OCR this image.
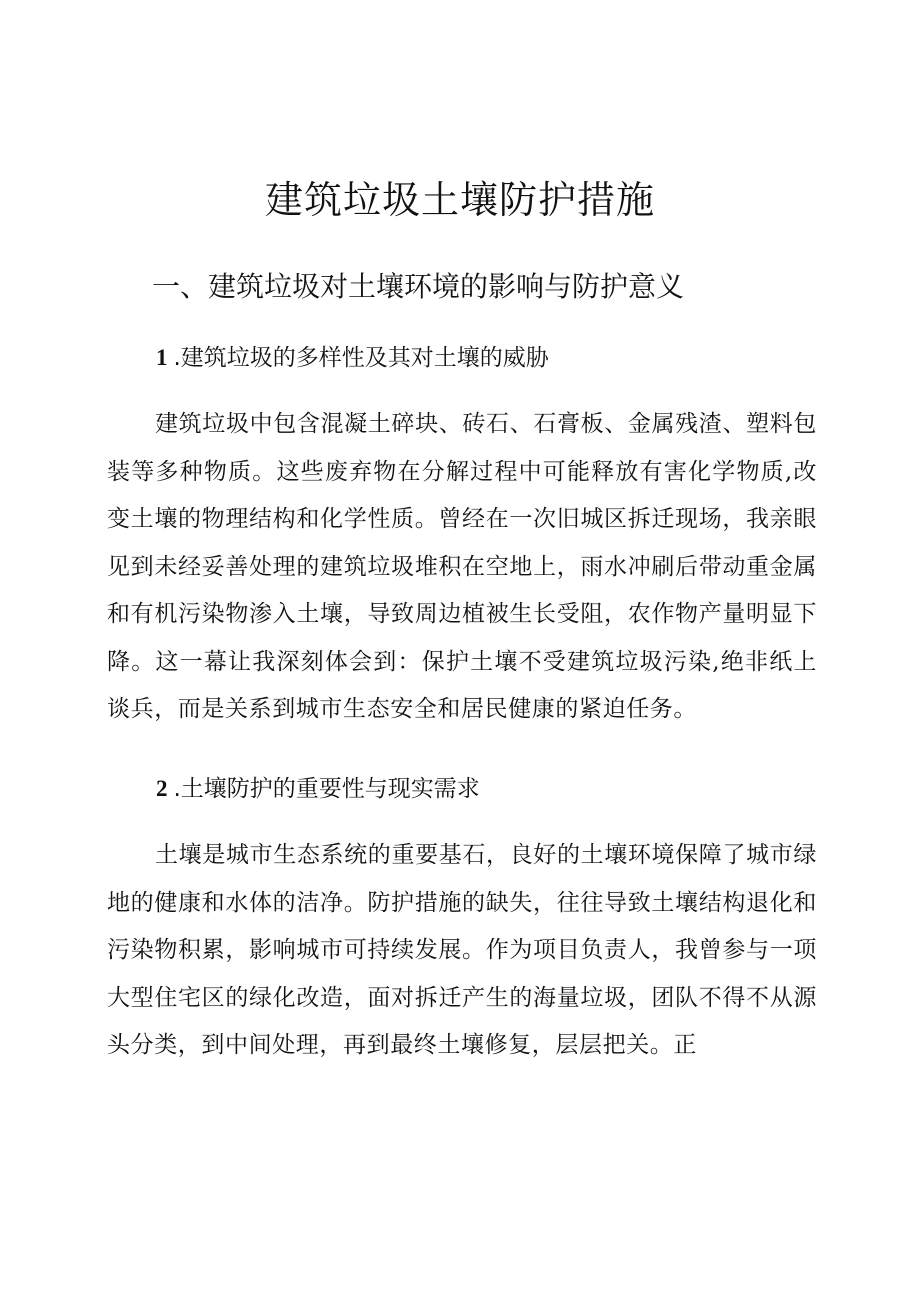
建筑垃圾土壤防护措施
一、建筑垃圾对土壤环境的影响与防护意义
1 .建筑垃圾的多样性及其对土壤的威胁

建筑垃圾中包含混凝土碎块、砖石、石膏板、金属残渣、塑料包装等多种物质。这些废弃物在分解过程中可能释放有害化学物质,改变土壤的物理结构和化学性质。曾经在一次旧城区拆迁现场，我亲眼见到未经妥善处理的建筑垃圾堆积在空地上，雨水冲刷后带动重金属和有机污染物渗入土壤，导致周边植被生长受阻，农作物产量明显下降。这一幕让我深刻体会到：保护土壤不受建筑垃圾污染,绝非纸上谈兵，而是关系到城市生态安全和居民健康的紧迫任务。

2 .土壤防护的重要性与现实需求

土壤是城市生态系统的重要基石，良好的土壤环境保障了城市绿地的健康和水体的洁净。防护措施的缺失，往往导致土壤结构退化和污染物积累，影响城市可持续发展。作为项目负责人，我曾参与一项大型住宅区的绿化改造，面对拆迁产生的海量垃圾，团队不得不从源头分类，到中间处理，再到最终土壤修复，层层把关。正
